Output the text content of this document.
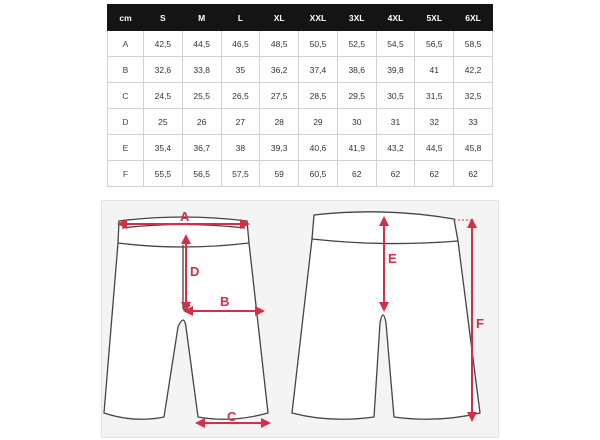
cm	S	M	L	XL	XXL	3XL	4XL	5XL	6XL
A	42,5	44,5	46,5	48,5	50,5	52,5	54,5	56,5	58,5
B	32,6	33,8	35	36,2	37,4	38,6	39,8	41	42,2
C	24,5	25,5	26,5	27,5	28,5	29,5	30,5	31,5	32,5
D	25	26	27	28	29	30	31	32	33
E	35,4	36,7	38	39,3	40,6	41,9	43,2	44,5	45,8
F	55,5	56,5	57,5	59	60,5	62	62	62	62
A
B
C
D
E
F
